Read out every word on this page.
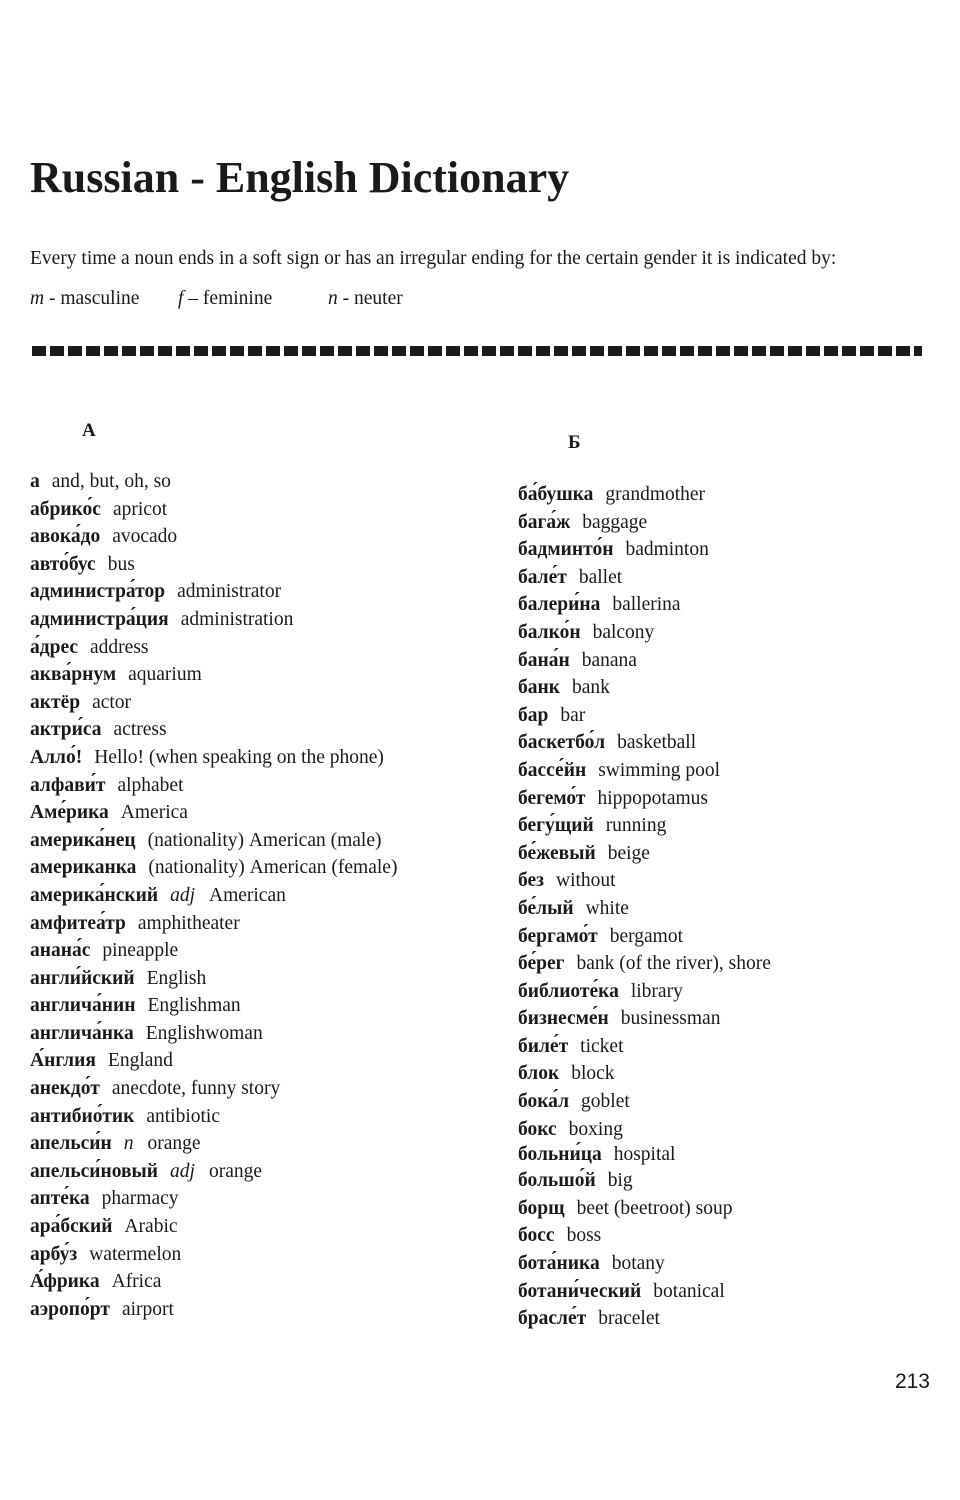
Russian - English Dictionary
Every time a noun ends in a soft sign or has an irregular ending for the certain gender it is indicated by:
m - masculine f – feminine	n - neuter
А
Б
а and, but, oh, so
абрико́с apricot
авока́до avocado
авто́бус bus
администра́тор administrator
администра́ция administration
а́дрес address
аква́рнум aquarium
актёр actor
актри́са actress
Алло́! Hello! (when speaking on the phone)
алфави́т alphabet
Аме́рика America
америка́нец (nationality) American (male)
американка (nationality) American (female)
америка́нский adj American
амфитеа́тр amphitheater
анана́с pineapple
англи́йский English
англича́нин Englishman
англича́нка Englishwoman
А́нглия England
анекдо́т anecdote, funny story
антибио́тик antibiotic
апельси́н n orange
апельси́новый adj orange
апте́ка pharmacy
ара́бский Arabic
арбу́з watermelon
А́фрика Africa
аэропо́рт airport
ба́бушка grandmother
бага́ж baggage
бадминто́н badminton
бале́т ballet
балери́на ballerina
балко́н balcony
бана́н banana
банк bank
бар bar
баскетбо́л basketball
бассе́йн swimming pool
бегемо́т hippopotamus
бегу́щий running
бе́жевый beige
без without
бе́лый white
бергамо́т bergamot
бе́рег bank (of the river), shore
библиоте́ка library
бизнесме́н businessman
биле́т ticket
блок block
бока́л goblet
бокс boxing
больни́ца hospital
большо́й big
борщ beet (beetroot) soup
босс boss
бота́ника botany
ботани́ческий botanical
брасле́т bracelet
213
